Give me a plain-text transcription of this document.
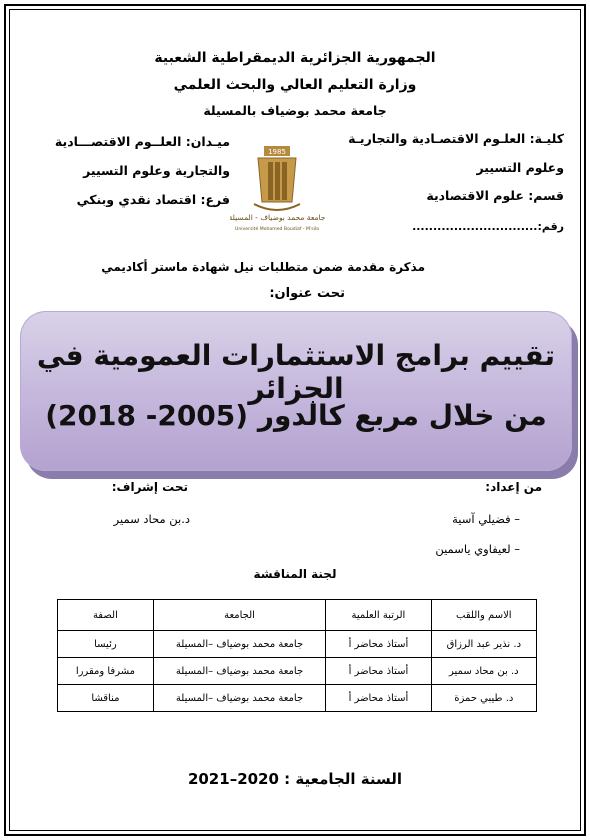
الجمهورية الجزائرية الديمقراطية الشعبية
وزارة التعليم العالي والبحث العلمي
جامعة محمد بوضياف بالمسيلة
كليـة: العلـوم الاقتصـادية والتجاريـة
وعلوم التسيير
قسم: علوم الاقتصادية
رقم:..............................
ميـدان: العلــوم الاقتصـــادية
والتجارية وعلوم التسيير
فرع: اقتصاد نقدي وبنكي
1985
جامعة محمد بوضياف - المسيلة
Université Mohamed Boudiaf - M'sila
مذكرة مقدمة ضمن متطلبات نيل شهادة ماستر أكاديمي
تحت عنوان:
تقييم برامج الاستثمارات العمومية في الجزائر
من خلال مربع كالدور (2005- 2018)
من إعداد:
– فضيلي آسية
– لعيفاوي ياسمين
تحت إشراف:
د.بن محاد سمير
لجنة المناقشة
الاسم واللقب	الرتبة العلمية	الجامعة	الصفة
د. نذير عبد الرزاق	أستاذ محاضر أ	جامعة محمد بوضياف –المسيلة	رئيسا
د. بن محاد سمير	أستاذ محاضر أ	جامعة محمد بوضياف –المسيلة	مشرفا ومقررا
د. طيبي حمزة	أستاذ محاضر أ	جامعة محمد بوضياف –المسيلة	مناقشا
السنة الجامعية : 2020–2021
